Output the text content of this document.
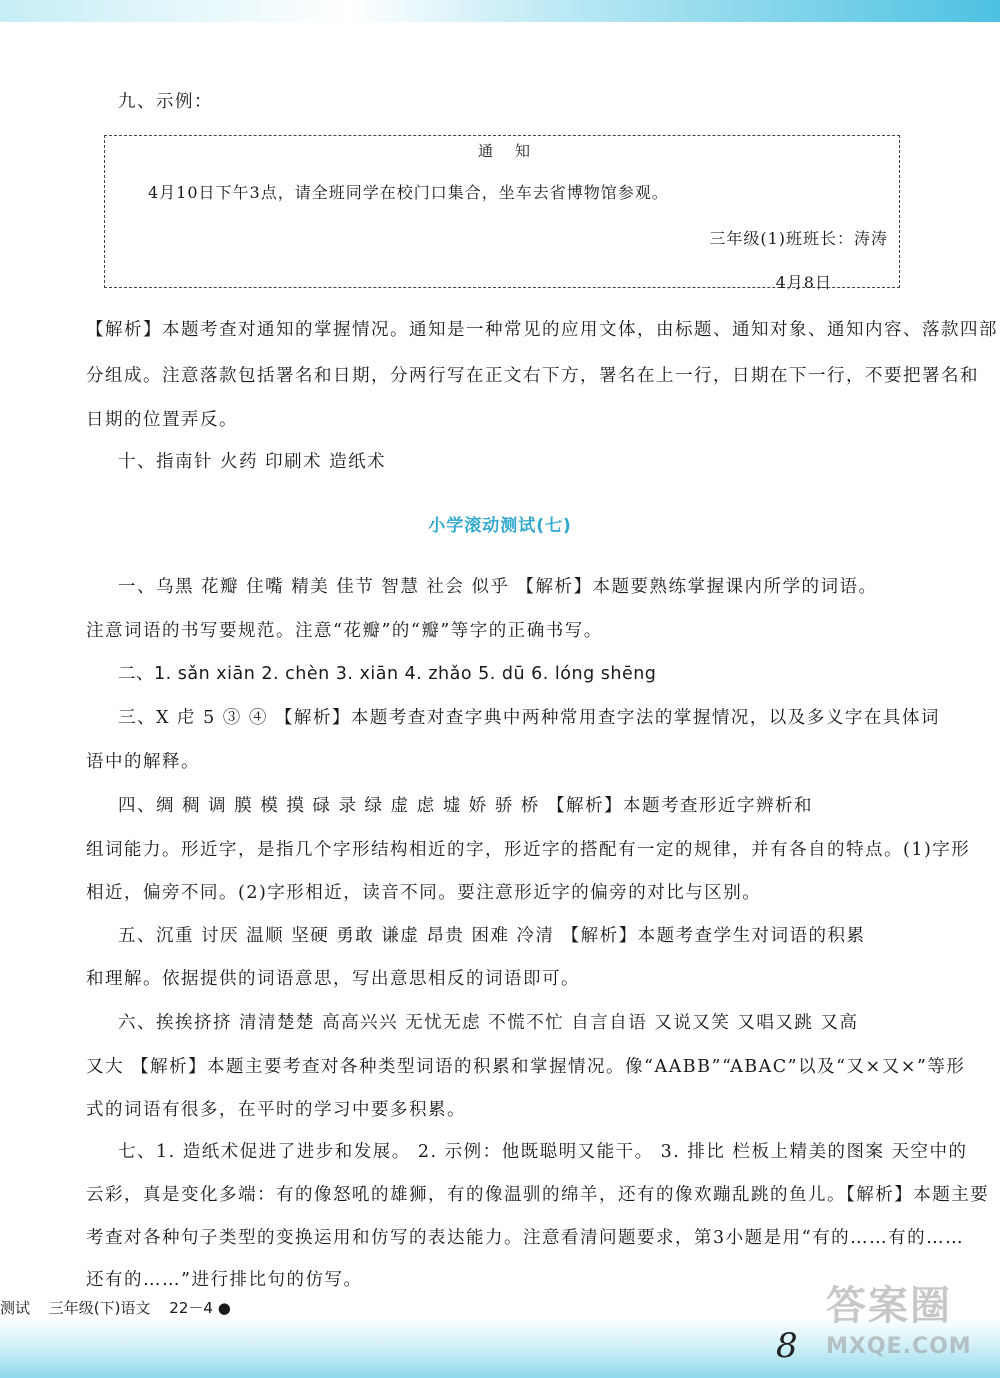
九、示例：
通知
4月10日下午3点，请全班同学在校门口集合，坐车去省博物馆参观。
三年级(1)班班长：涛涛
4月8日
【解析】本题考查对通知的掌握情况。通知是一种常见的应用文体，由标题、通知对象、通知内容、落款四部
分组成。注意落款包括署名和日期，分两行写在正文右下方，署名在上一行，日期在下一行，不要把署名和
日期的位置弄反。
十、指南针 火药 印刷术 造纸术
小学滚动测试(七)
一、乌黑 花瓣 住嘴 精美 佳节 智慧 社会 似乎 【解析】本题要熟练掌握课内所学的词语。
注意词语的书写要规范。注意“花瓣”的“瓣”等字的正确书写。
二、1. sǎn xiān 2. chèn 3. xiān 4. zhǎo 5. dū 6. lóng shēng
三、X 虍 5 ③ ④ 【解析】本题考查对查字典中两种常用查字法的掌握情况，以及多义字在具体词
语中的解释。
四、绸 稠 调 膜 模 摸 碌 录 绿 虚 虑 墟 娇 骄 桥 【解析】本题考查形近字辨析和
组词能力。形近字，是指几个字形结构相近的字，形近字的搭配有一定的规律，并有各自的特点。(1)字形
相近，偏旁不同。(2)字形相近，读音不同。要注意形近字的偏旁的对比与区别。
五、沉重 讨厌 温顺 坚硬 勇敢 谦虚 昂贵 困难 冷清 【解析】本题考查学生对词语的积累
和理解。依据提供的词语意思，写出意思相反的词语即可。
六、挨挨挤挤 清清楚楚 高高兴兴 无忧无虑 不慌不忙 自言自语 又说又笑 又唱又跳 又高
又大 【解析】本题主要考查对各种类型词语的积累和掌握情况。像“AABB”“ABAC”以及“又×又×”等形
式的词语有很多，在平时的学习中要多积累。
七、1. 造纸术促进了进步和发展。 2. 示例：他既聪明又能干。 3. 排比 栏板上精美的图案 天空中的
云彩，真是变化多端：有的像怒吼的雄狮，有的像温驯的绵羊，还有的像欢蹦乱跳的鱼儿。【解析】本题主要
考查对各种句子类型的变换运用和仿写的表达能力。注意看清问题要求，第3小题是用“有的……有的……
还有的……”进行排比句的仿写。
测试 三年级(下)语文 22－4 ●
8
答案圈
MXQE.COM
